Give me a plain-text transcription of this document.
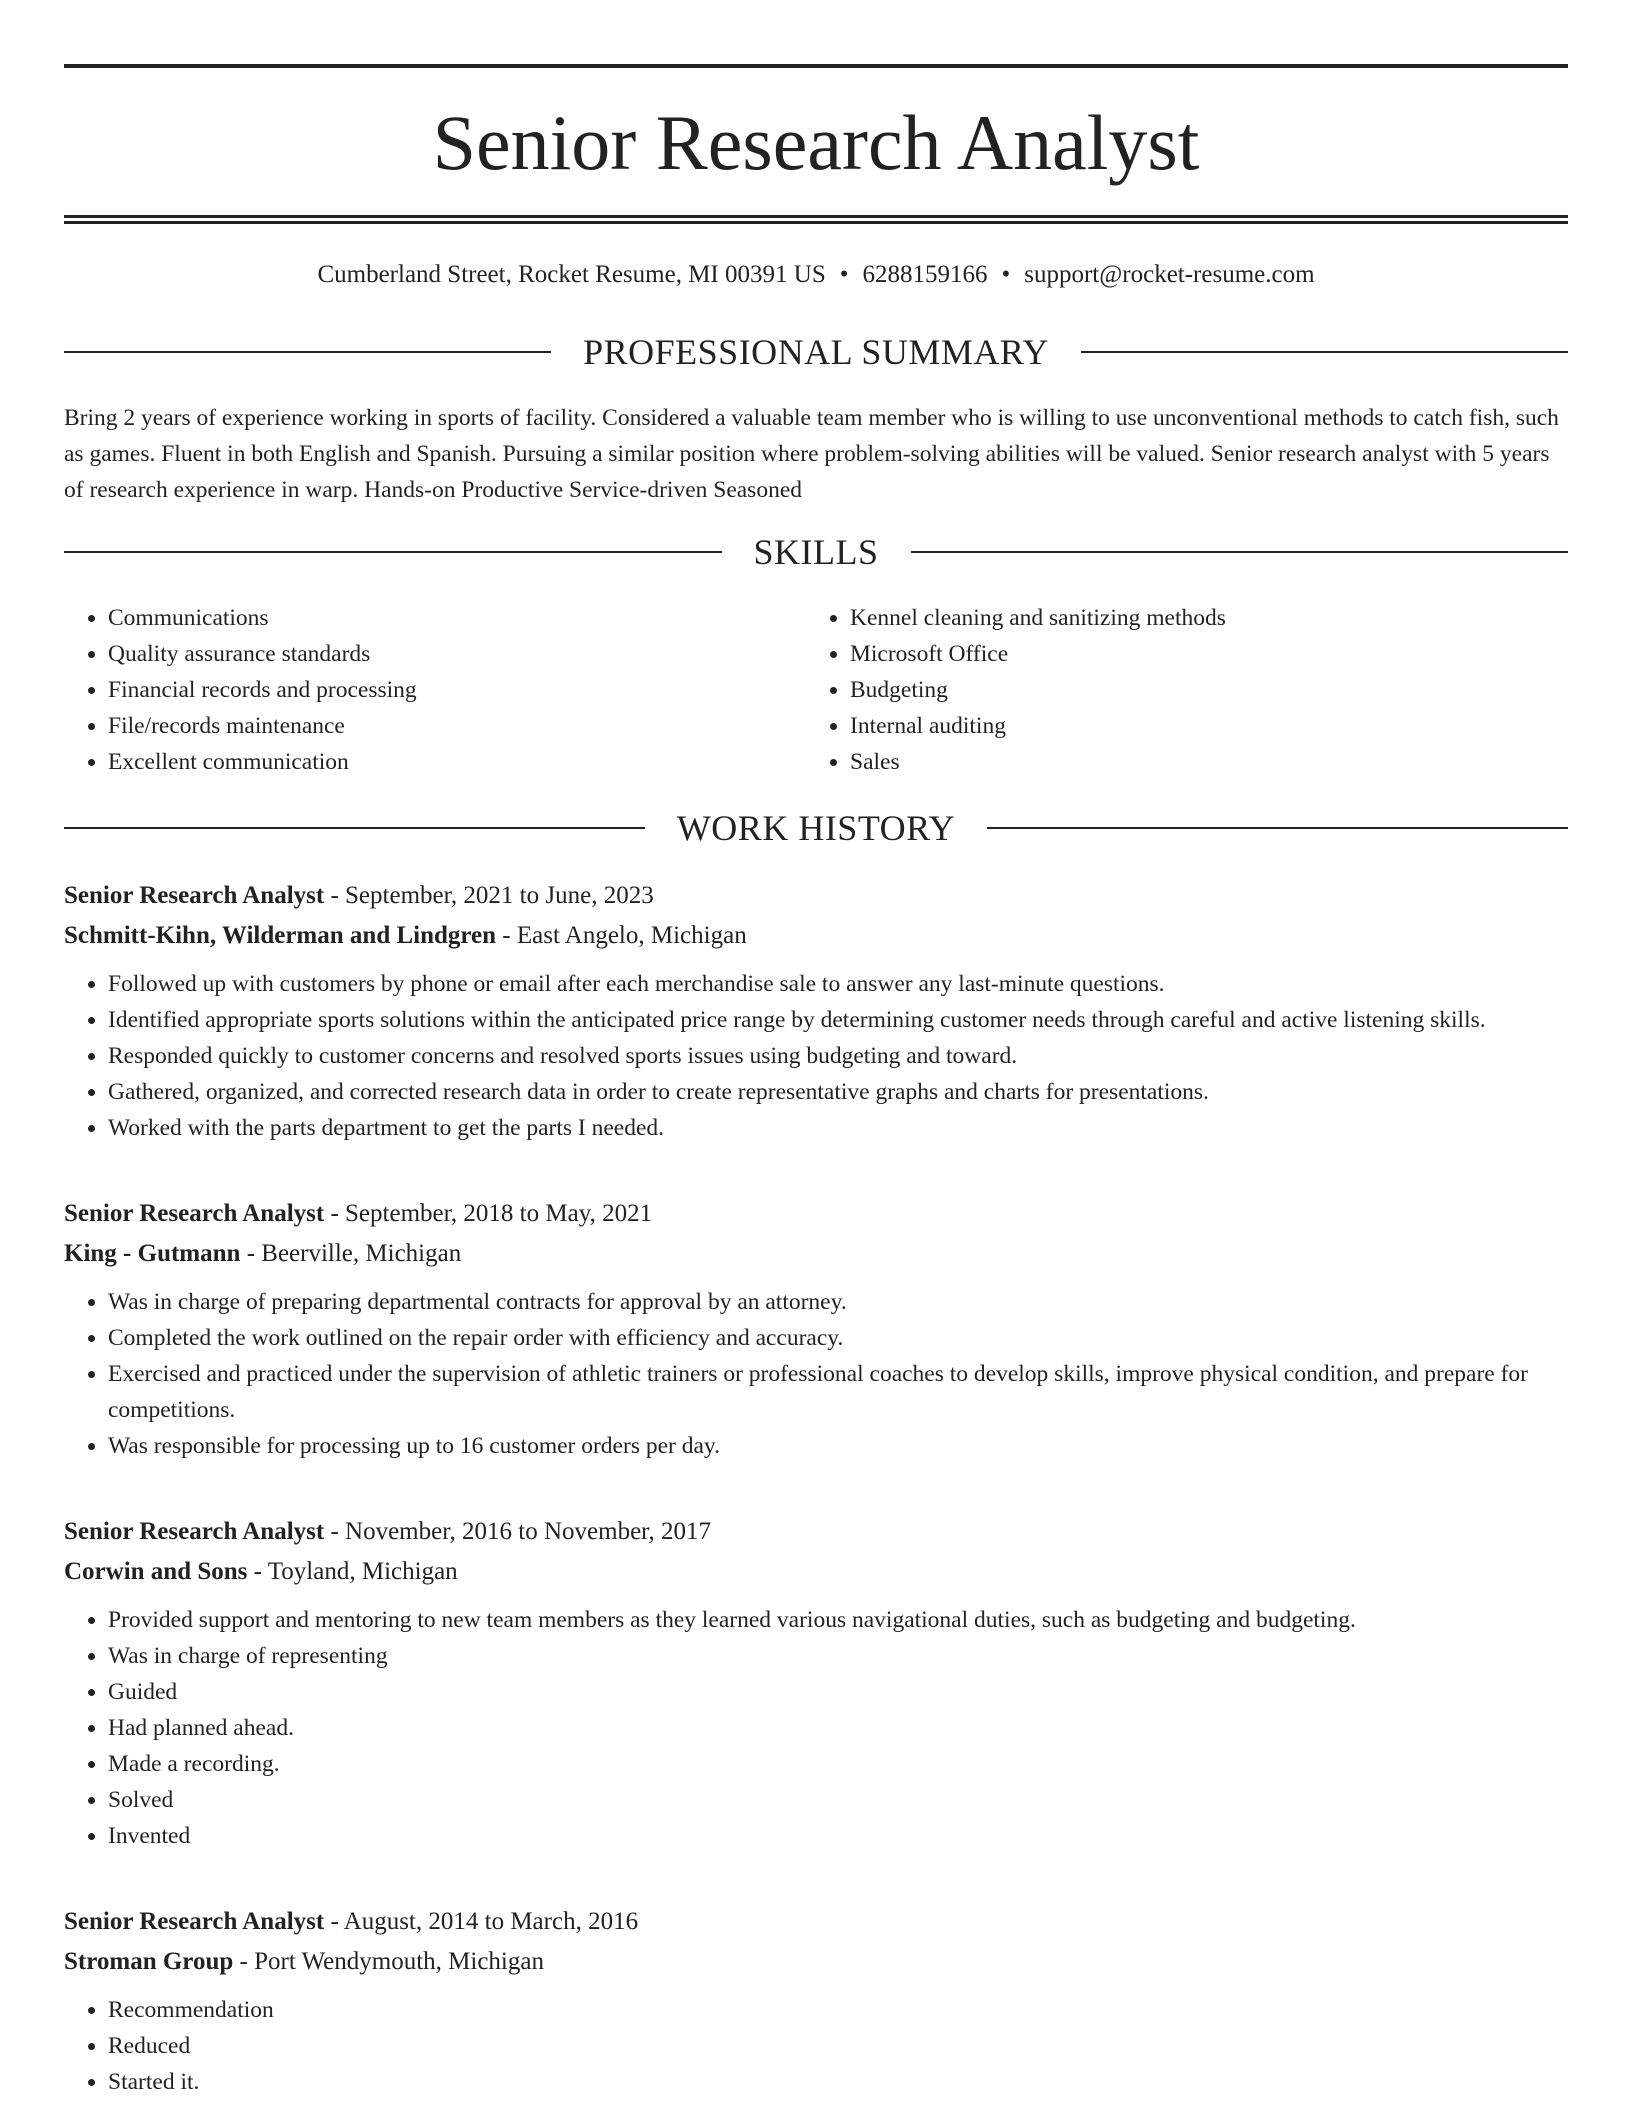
Senior Research Analyst
Cumberland Street, Rocket Resume, MI 00391 US • 6288159166 • support@rocket-resume.com
PROFESSIONAL SUMMARY
Bring 2 years of experience working in sports of facility. Considered a valuable team member who is willing to use unconventional methods to catch fish, such as games. Fluent in both English and Spanish. Pursuing a similar position where problem-solving abilities will be valued. Senior research analyst with 5 years of research experience in warp. Hands-on Productive Service-driven Seasoned
SKILLS
• Communications
• Quality assurance standards
• Financial records and processing
• File/records maintenance
• Excellent communication
• Kennel cleaning and sanitizing methods
• Microsoft Office
• Budgeting
• Internal auditing
• Sales
WORK HISTORY
Senior Research Analyst - September, 2021 to June, 2023
Schmitt-Kihn, Wilderman and Lindgren - East Angelo, Michigan
• Followed up with customers by phone or email after each merchandise sale to answer any last-minute questions.
• Identified appropriate sports solutions within the anticipated price range by determining customer needs through careful and active listening skills.
• Responded quickly to customer concerns and resolved sports issues using budgeting and toward.
• Gathered, organized, and corrected research data in order to create representative graphs and charts for presentations.
• Worked with the parts department to get the parts I needed.
Senior Research Analyst - September, 2018 to May, 2021
King - Gutmann - Beerville, Michigan
• Was in charge of preparing departmental contracts for approval by an attorney.
• Completed the work outlined on the repair order with efficiency and accuracy.
• Exercised and practiced under the supervision of athletic trainers or professional coaches to develop skills, improve physical condition, and prepare for competitions.
• Was responsible for processing up to 16 customer orders per day.
Senior Research Analyst - November, 2016 to November, 2017
Corwin and Sons - Toyland, Michigan
• Provided support and mentoring to new team members as they learned various navigational duties, such as budgeting and budgeting.
• Was in charge of representing
• Guided
• Had planned ahead.
• Made a recording.
• Solved
• Invented
Senior Research Analyst - August, 2014 to March, 2016
Stroman Group - Port Wendymouth, Michigan
• Recommendation
• Reduced
• Started it.
